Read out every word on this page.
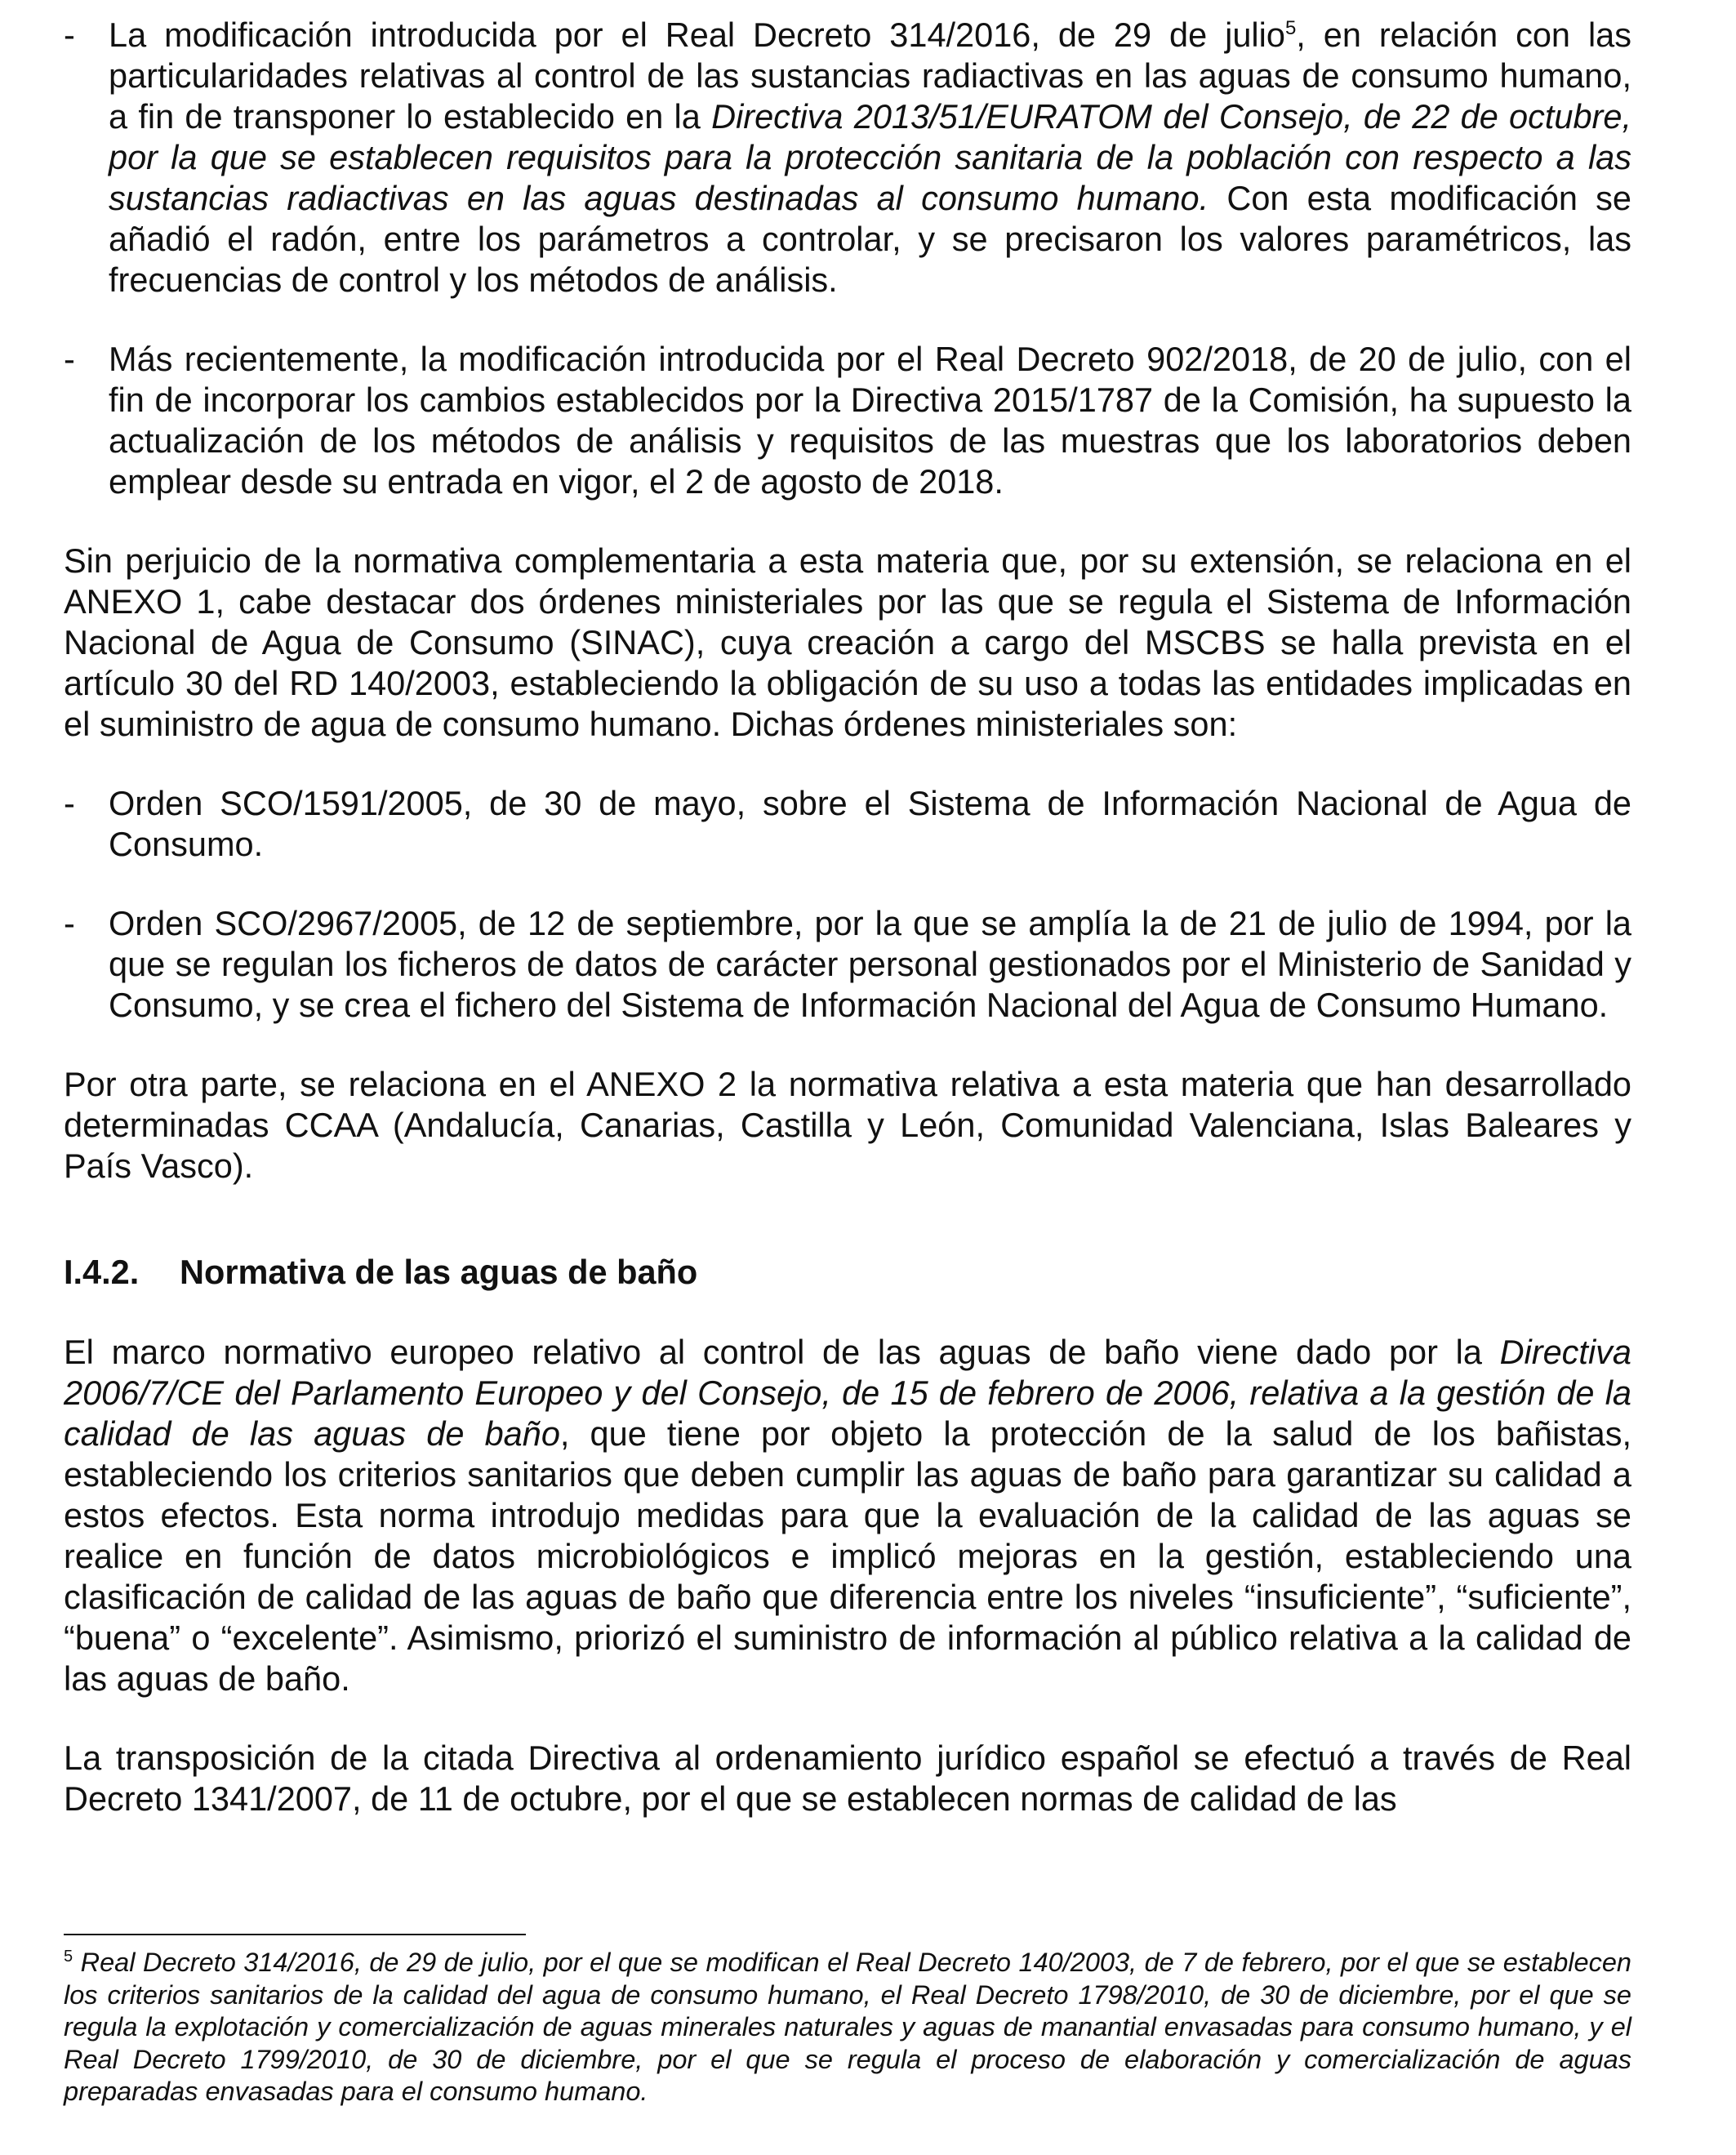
- La modificación introducida por el Real Decreto 314/2016, de 29 de julio$^5$, en relación con las particularidades relativas al control de las sustancias radiactivas en las aguas de consumo humano, a fin de transponer lo establecido en la Directiva 2013/51/EURATOM del Consejo, de 22 de octubre, por la que se establecen requisitos para la protección sanitaria de la población con respecto a las sustancias radiactivas en las aguas destinadas al consumo humano. Con esta modificación se añadió el radón, entre los parámetros a controlar, y se precisaron los valores paramétricos, las frecuencias de control y los métodos de análisis.
- Más recientemente, la modificación introducida por el Real Decreto 902/2018, de 20 de julio, con el fin de incorporar los cambios establecidos por la Directiva 2015/1787 de la Comisión, ha supuesto la actualización de los métodos de análisis y requisitos de las muestras que los laboratorios deben emplear desde su entrada en vigor, el 2 de agosto de 2018.

Sin perjuicio de la normativa complementaria a esta materia que, por su extensión, se relaciona en el ANEXO 1, cabe destacar dos órdenes ministeriales por las que se regula el Sistema de Información Nacional de Agua de Consumo (SINAC), cuya creación a cargo del MSCBS se halla prevista en el artículo 30 del RD 140/2003, estableciendo la obligación de su uso a todas las entidades implicadas en el suministro de agua de consumo humano. Dichas órdenes ministeriales son:

- Orden SCO/1591/2005, de 30 de mayo, sobre el Sistema de Información Nacional de Agua de Consumo.
- Orden SCO/2967/2005, de 12 de septiembre, por la que se amplía la de 21 de julio de 1994, por la que se regulan los ficheros de datos de carácter personal gestionados por el Ministerio de Sanidad y Consumo, y se crea el fichero del Sistema de Información Nacional del Agua de Consumo Humano.

Por otra parte, se relaciona en el ANEXO 2 la normativa relativa a esta materia que han desarrollado determinadas CCAA (Andalucía, Canarias, Castilla y León, Comunidad Valenciana, Islas Baleares y País Vasco).

I.4.2.	Normativa de las aguas de baño

El marco normativo europeo relativo al control de las aguas de baño viene dado por la Directiva 2006/7/CE del Parlamento Europeo y del Consejo, de 15 de febrero de 2006, relativa a la gestión de la calidad de las aguas de baño, que tiene por objeto la protección de la salud de los bañistas, estableciendo los criterios sanitarios que deben cumplir las aguas de baño para garantizar su calidad a estos efectos. Esta norma introdujo medidas para que la evaluación de la calidad de las aguas se realice en función de datos microbiológicos e implicó mejoras en la gestión, estableciendo una clasificación de calidad de las aguas de baño que diferencia entre los niveles “insuficiente”, “suficiente”, “buena” o “excelente”. Asimismo, priorizó el suministro de información al público relativa a la calidad de las aguas de baño.

La transposición de la citada Directiva al ordenamiento jurídico español se efectuó a través de Real Decreto 1341/2007, de 11 de octubre, por el que se establecen normas de calidad de las

$^5$ Real Decreto 314/2016, de 29 de julio, por el que se modifican el Real Decreto 140/2003, de 7 de febrero, por el que se establecen los criterios sanitarios de la calidad del agua de consumo humano, el Real Decreto 1798/2010, de 30 de diciembre, por el que se regula la explotación y comercialización de aguas minerales naturales y aguas de manantial envasadas para consumo humano, y el Real Decreto 1799/2010, de 30 de diciembre, por el que se regula el proceso de elaboración y comercialización de aguas preparadas envasadas para el consumo humano.
